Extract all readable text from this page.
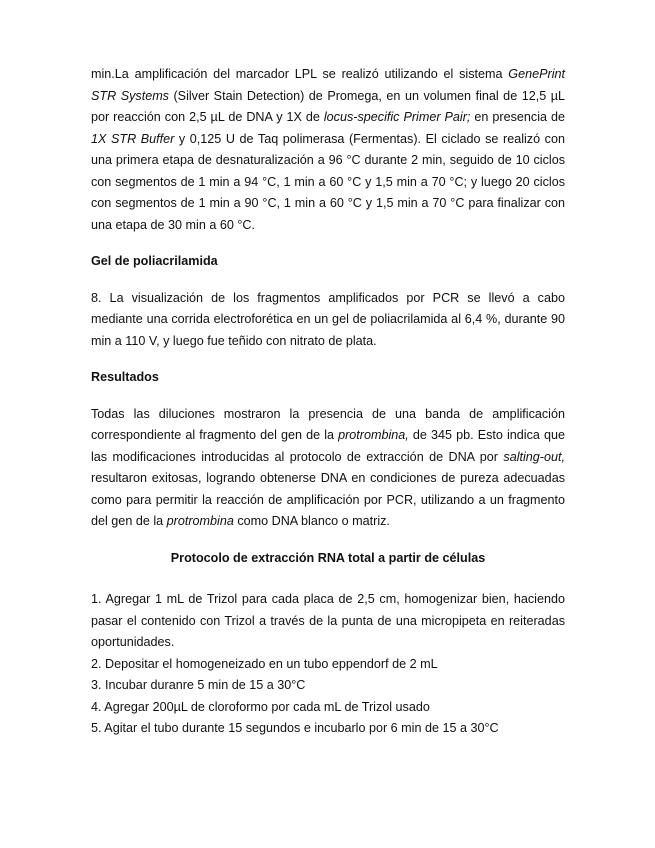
min.La amplificación del marcador LPL se realizó utilizando el sistema GenePrint STR Systems (Silver Stain Detection) de Promega, en un volumen final de 12,5 µL por reacción con 2,5 µL de DNA y 1X de locus-specific Primer Pair; en presencia de 1X STR Buffer y 0,125 U de Taq polimerasa (Fermentas). El ciclado se realizó con una primera etapa de desnaturalización a 96 °C durante 2 min, seguido de 10 ciclos con segmentos de 1 min a 94 °C, 1 min a 60 °C y 1,5 min a 70 °C; y luego 20 ciclos con segmentos de 1 min a 90 °C, 1 min a 60 °C y 1,5 min a 70 °C para finalizar con una etapa de 30 min a 60 °C.

Gel de poliacrilamida

8. La visualización de los fragmentos amplificados por PCR se llevó a cabo mediante una corrida electroforética en un gel de poliacrilamida al 6,4 %, durante 90 min a 110 V, y luego fue teñido con nitrato de plata.

Resultados

Todas las diluciones mostraron la presencia de una banda de amplificación correspondiente al fragmento del gen de la protrombina, de 345 pb. Esto indica que las modificaciones introducidas al protocolo de extracción de DNA por salting-out, resultaron exitosas, logrando obtenerse DNA en condiciones de pureza adecuadas como para permitir la reacción de amplificación por PCR, utilizando a un fragmento del gen de la protrombina como DNA blanco o matriz.

Protocolo de extracción RNA total a partir de células

1. Agregar 1 mL de Trizol para cada placa de 2,5 cm, homogenizar bien, haciendo pasar el contenido con Trizol a través de la punta de una micropipeta en reiteradas oportunidades.

2. Depositar el homogeneizado en un tubo eppendorf de 2 mL

3. Incubar duranre 5 min de 15 a 30°C

4. Agregar 200µL de cloroformo por cada mL de Trizol usado

5. Agitar el tubo durante 15 segundos e incubarlo por 6 min de 15 a 30°C
